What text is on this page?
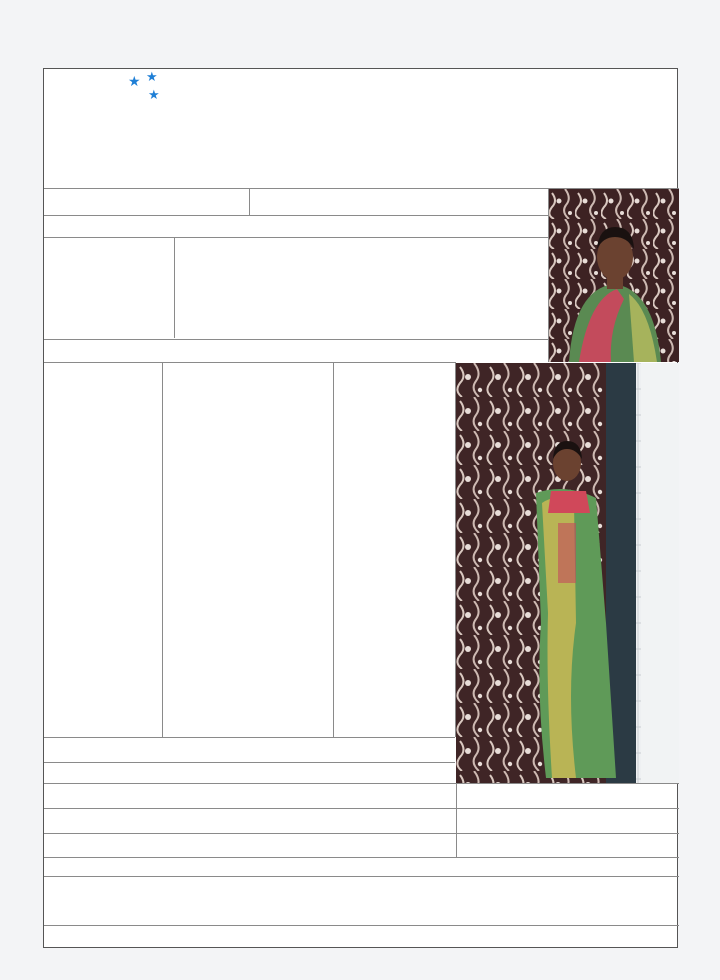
★ ★
★
